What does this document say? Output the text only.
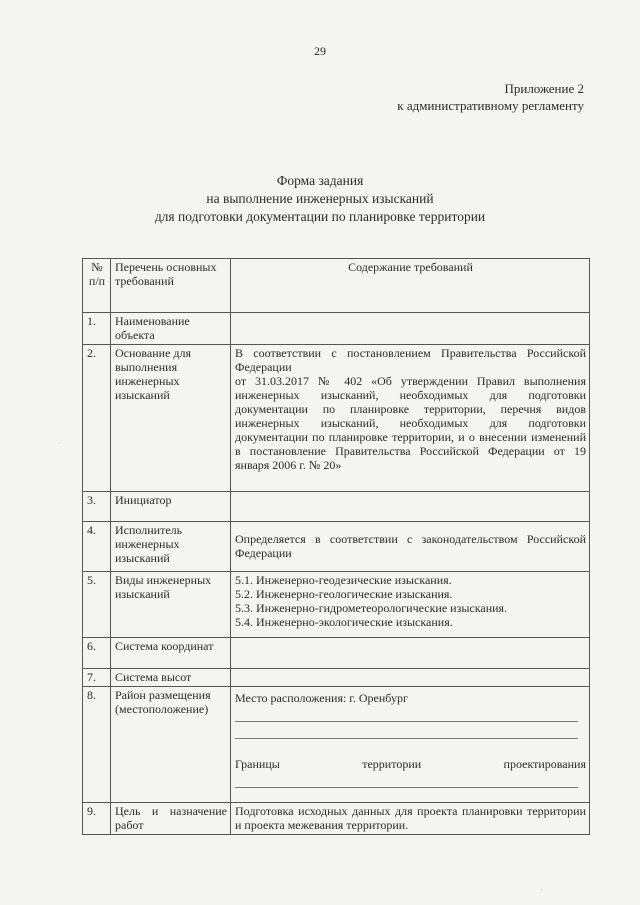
29
Приложение 2
к административному регламенту
Форма задания
на выполнение инженерных изысканий
для подготовки документации по планировке территории
№ п/п	Перечень основных требований	Содержание требований
1.	Наименование объекта	
2.	Основание для выполнения инженерных изысканий	В соответствии с постановлением Правительства Российской Федерации
от 31.03.2017 № 402 «Об утверждении Правил выполнения инженерных изысканий, необходимых для подготовки документации по планировке территории, перечня видов инженерных изысканий, необходимых для подготовки документации по планировке территории, и о внесении изменений в постановление Правительства Российской Федерации от 19 января 2006 г. № 20»

3.	Инициатор	
4.	Исполнитель инженерных изысканий	Определяется в соответствии с законодательством Российской Федерации

5.	Виды инженерных изысканий	5.1. Инженерно-геодезические изыскания.
5.2. Инженерно-геологические изыскания.
5.3. Инженерно-гидрометеорологические изыскания.
5.4. Инженерно-экологические изыскания.

6.	Система координат	
7.	Система высот	
8.	Район размещения (местоположение)	Место расположения: г. Оренбург
Границы территории проектирования

9.	Цель и назначение работ	Подготовка исходных данных для проекта планировки территории и проекта межевания территории.
·
·
